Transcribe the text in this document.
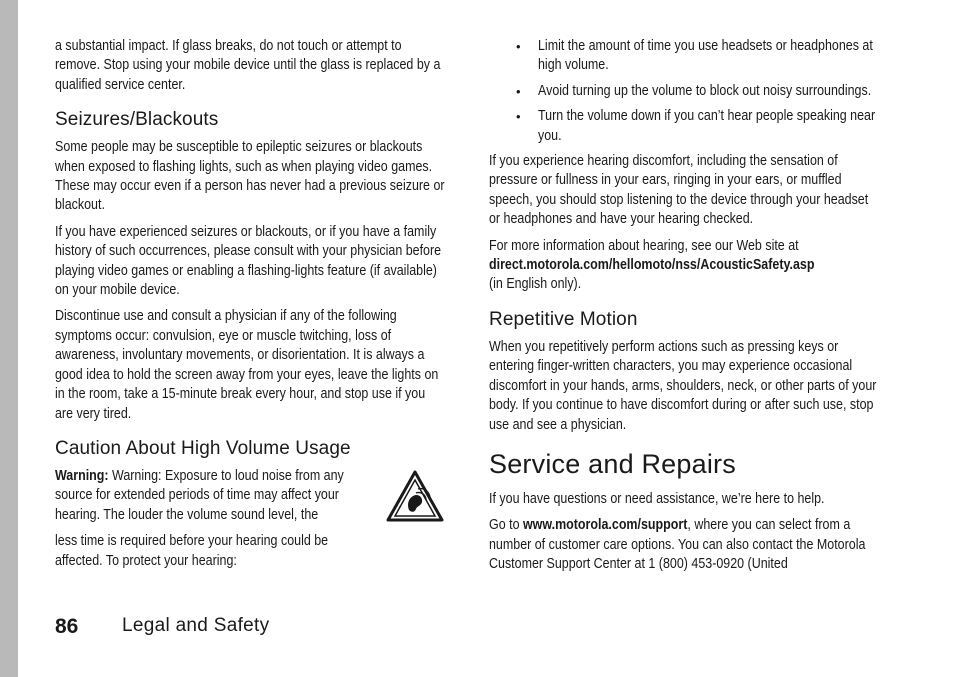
a substantial impact. If glass breaks, do not touch or attempt to remove. Stop using your mobile device until the glass is replaced by a qualified service center.

Seizures/Blackouts

Some people may be susceptible to epileptic seizures or blackouts when exposed to flashing lights, such as when playing video games. These may occur even if a person has never had a previous seizure or blackout.

If you have experienced seizures or blackouts, or if you have a family history of such occurrences, please consult with your physician before playing video games or enabling a flashing-lights feature (if available) on your mobile device.

Discontinue use and consult a physician if any of the following symptoms occur: convulsion, eye or muscle twitching, loss of awareness, involuntary movements, or disorientation. It is always a good idea to hold the screen away from your eyes, leave the lights on in the room, take a 15-minute break every hour, and stop use if you are very tired.

Caution About High Volume Usage

Warning: Warning: Exposure to loud noise from any source for extended periods of time may affect your hearing. The louder the volume sound level, the

less time is required before your hearing could be affected. To protect your hearing:

• Limit the amount of time you use headsets or headphones at high volume.

• Avoid turning up the volume to block out noisy surroundings.

• Turn the volume down if you can’t hear people speaking near you.

If you experience hearing discomfort, including the sensation of pressure or fullness in your ears, ringing in your ears, or muffled speech, you should stop listening to the device through your headset or headphones and have your hearing checked.

For more information about hearing, see our Web site at
direct.motorola.com/hellomoto/nss/AcousticSafety.asp
(in English only).

Repetitive Motion

When you repetitively perform actions such as pressing keys or entering finger-written characters, you may experience occasional discomfort in your hands, arms, shoulders, neck, or other parts of your body. If you continue to have discomfort during or after such use, stop use and see a physician.

Service and Repairs

If you have questions or need assistance, we’re here to help.

Go to www.motorola.com/support, where you can select from a number of customer care options. You can also contact the Motorola Customer Support Center at 1 (800) 453-0920 (United

86 Legal and Safety
